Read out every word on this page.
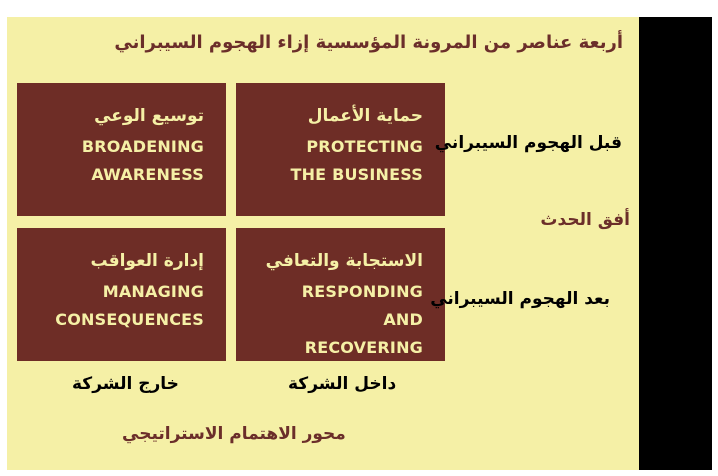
أربعة عناصر من المرونة المؤسسية إزاء الهجوم السيبراني
حماية الأعمال
PROTECTING
THE BUSINESS
توسيع الوعي
BROADENING
AWARENESS
الاستجابة والتعافي
RESPONDING AND
RECOVERING
إدارة العواقب
MANAGING
CONSEQUENCES
قبل الهجوم السيبراني
أفق الحدث
بعد الهجوم السيبراني
داخل الشركة
خارج الشركة
محور الاهتمام الاستراتيجي
